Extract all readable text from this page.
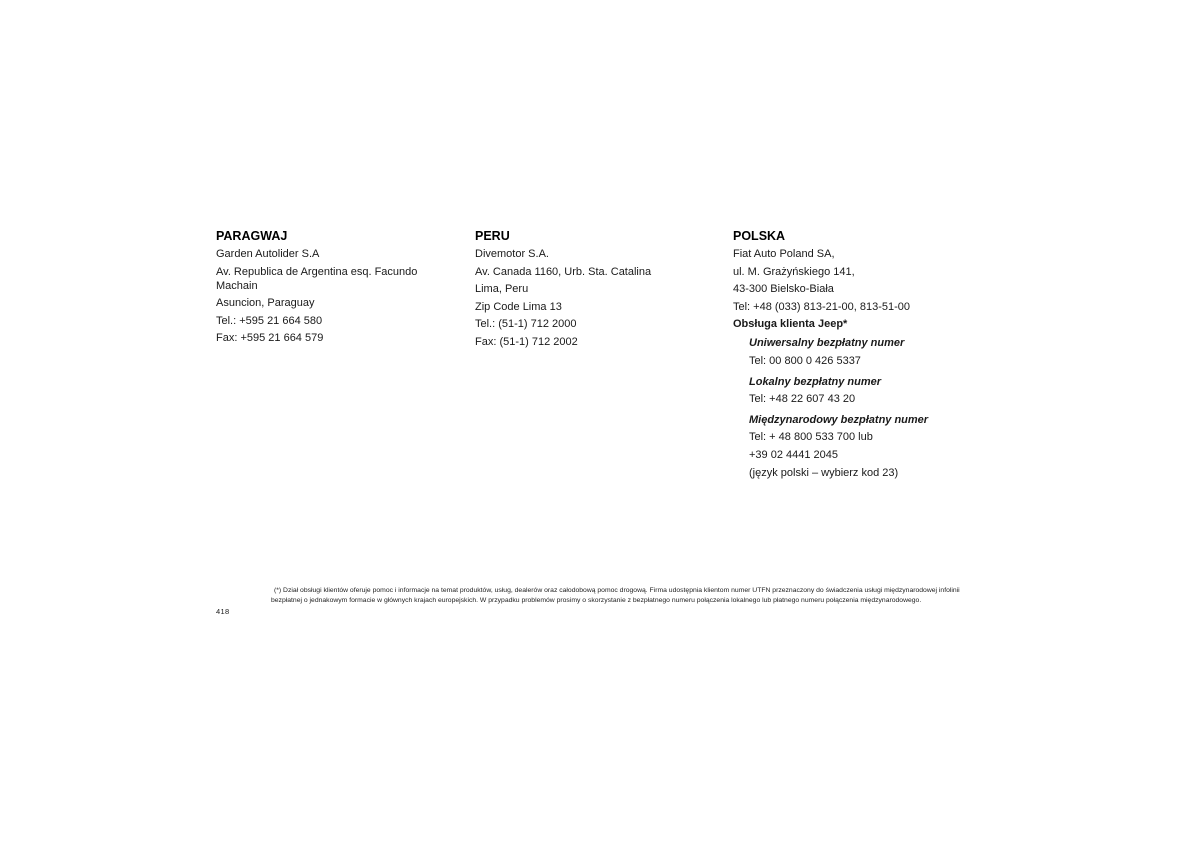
PARAGWAJ
Garden Autolider S.A
Av. Republica de Argentina esq. Facundo Machain
Asuncion, Paraguay
Tel.: +595 21 664 580
Fax: +595 21 664 579
PERU
Divemotor S.A.
Av. Canada 1160, Urb. Sta. Catalina
Lima, Peru
Zip Code Lima 13
Tel.: (51-1) 712 2000
Fax: (51-1) 712 2002
POLSKA
Fiat Auto Poland SA,
ul. M. Grażyńskiego 141,
43-300 Bielsko-Biała
Tel: +48 (033) 813-21-00, 813-51-00
Obsługa klienta Jeep*
Uniwersalny bezpłatny numer
Tel: 00 800 0 426 5337
Lokalny bezpłatny numer
Tel: +48 22 607 43 20
Międzynarodowy bezpłatny numer
Tel: + 48 800 533 700 lub
+39 02 4441 2045
(język polski – wybierz kod 23)
(*) Dział obsługi klientów oferuje pomoc i informacje na temat produktów, usług, dealerów oraz całodobową pomoc drogową. Firma udostępnia klientom numer UTFN przeznaczony do świadczenia usługi międzynarodowej infolinii bezpłatnej o jednakowym formacie w głównych krajach europejskich. W przypadku problemów prosimy o skorzystanie z bezpłatnego numeru połączenia lokalnego lub płatnego numeru połączenia międzynarodowego.
418
